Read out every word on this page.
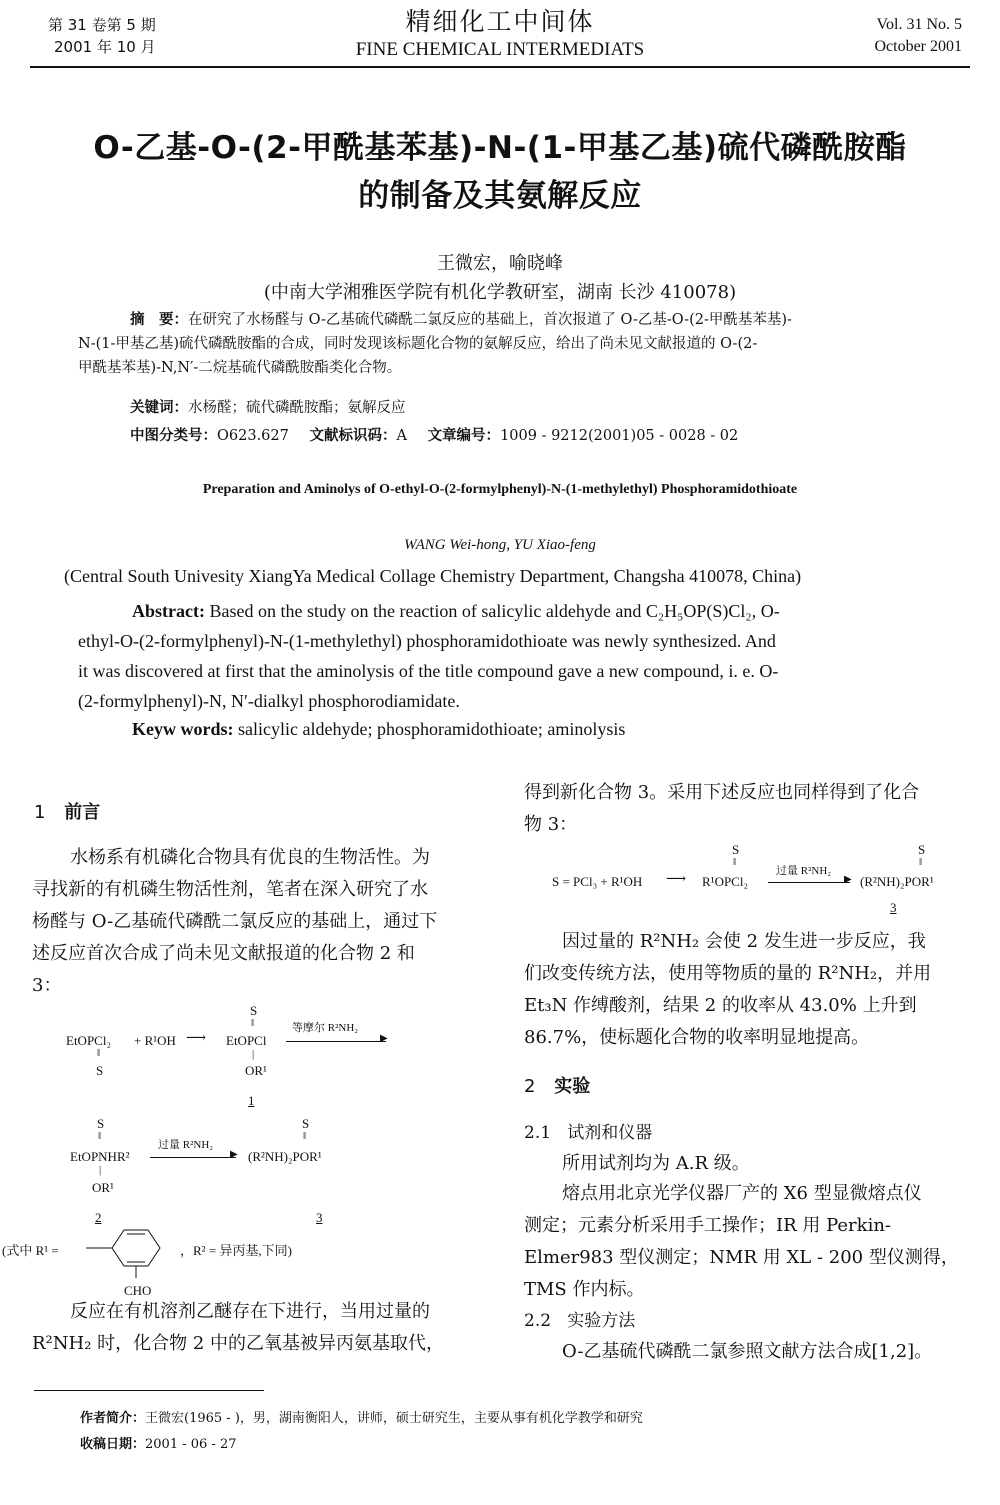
第 31 卷第 5 期
2001 年 10 月
精细化工中间体
FINE CHEMICAL INTERMEDIATS
Vol. 31 No. 5
October 2001
O-乙基-O-(2-甲酰基苯基)-N-(1-甲基乙基)硫代磷酰胺酯
的制备及其氨解反应
王微宏，喻晓峰
(中南大学湘雅医学院有机化学教研室，湖南 长沙 410078)
摘　要：在研究了水杨醛与 O-乙基硫代磷酰二氯反应的基础上，首次报道了 O-乙基-O-(2-甲酰基苯基)-
N-(1-甲基乙基)硫代磷酰胺酯的合成，同时发现该标题化合物的氨解反应，给出了尚未见文献报道的 O-(2-
甲酰基苯基)-N,N′-二烷基硫代磷酰胺酯类化合物。
关键词：水杨醛；硫代磷酰胺酯；氨解反应
中图分类号：O623.627 文献标识码：A 文章编号：1009 - 9212(2001)05 - 0028 - 02
Preparation and Aminolys of O-ethyl-O-(2-formylphenyl)-N-(1-methylethyl) Phosphoramidothioate
WANG Wei-hong, YU Xiao-feng
(Central South Univesity XiangYa Medical Collage Chemistry Department, Changsha 410078, China)
Abstract: Based on the study on the reaction of salicylic aldehyde and C₂H₅OP(S)Cl₂, O-
ethyl-O-(2-formylphenyl)-N-(1-methylethyl) phosphoramidothioate was newly synthesized. And
it was discovered at first that the aminolysis of the title compound gave a new compound, i. e. O-
(2-formylphenyl)-N, N′-dialkyl phosphorodiamidate.
Keyw words: salicylic aldehyde; phosphoramidothioate; aminolysis
1 前言
水杨系有机磷化合物具有优良的生物活性。为
寻找新的有机磷生物活性剂，笔者在深入研究了水
杨醛与 O-乙基硫代磷酰二氯反应的基础上，通过下
述反应首次合成了尚未见文献报道的化合物 2 和
3：
EtOPCl₂
S
‖
+ R¹OH ⟶ EtOPCl
S
‖
|
OR¹
1
等摩尔 R²NH₂
▶
S
‖
EtOPNHR²
|
OR¹
2
过量 R²NH₂
▶
S
‖
(R²NH)₂POR¹
3
(式中 R¹ =
CHO
，R² = 异丙基,下同)
反应在有机溶剂乙醚存在下进行，当用过量的
R²NH₂ 时，化合物 2 中的乙氧基被异丙氨基取代，
得到新化合物 3。采用下述反应也同样得到了化合
物 3：
S = PCl₃ + R¹OH ⟶
S
‖
R¹OPCl₂
过量 R²NH₂
▶
S
‖
(R²NH)₂POR¹
3
因过量的 R²NH₂ 会使 2 发生进一步反应，我
们改变传统方法，使用等物质的量的 R²NH₂，并用
Et₃N 作缚酸剂，结果 2 的收率从 43.0% 上升到
86.7%，使标题化合物的收率明显地提高。
2 实验
2.1 试剂和仪器
所用试剂均为 A.R 级。
熔点用北京光学仪器厂产的 X6 型显微熔点仪
测定；元素分析采用手工操作；IR 用 Perkin-
Elmer983 型仪测定；NMR 用 XL - 200 型仪测得，
TMS 作内标。
2.2 实验方法
O-乙基硫代磷酰二氯参照文献方法合成[1,2]。
作者简介：王微宏(1965 - )，男，湖南衡阳人，讲师，硕士研究生，主要从事有机化学教学和研究
收稿日期：2001 - 06 - 27
